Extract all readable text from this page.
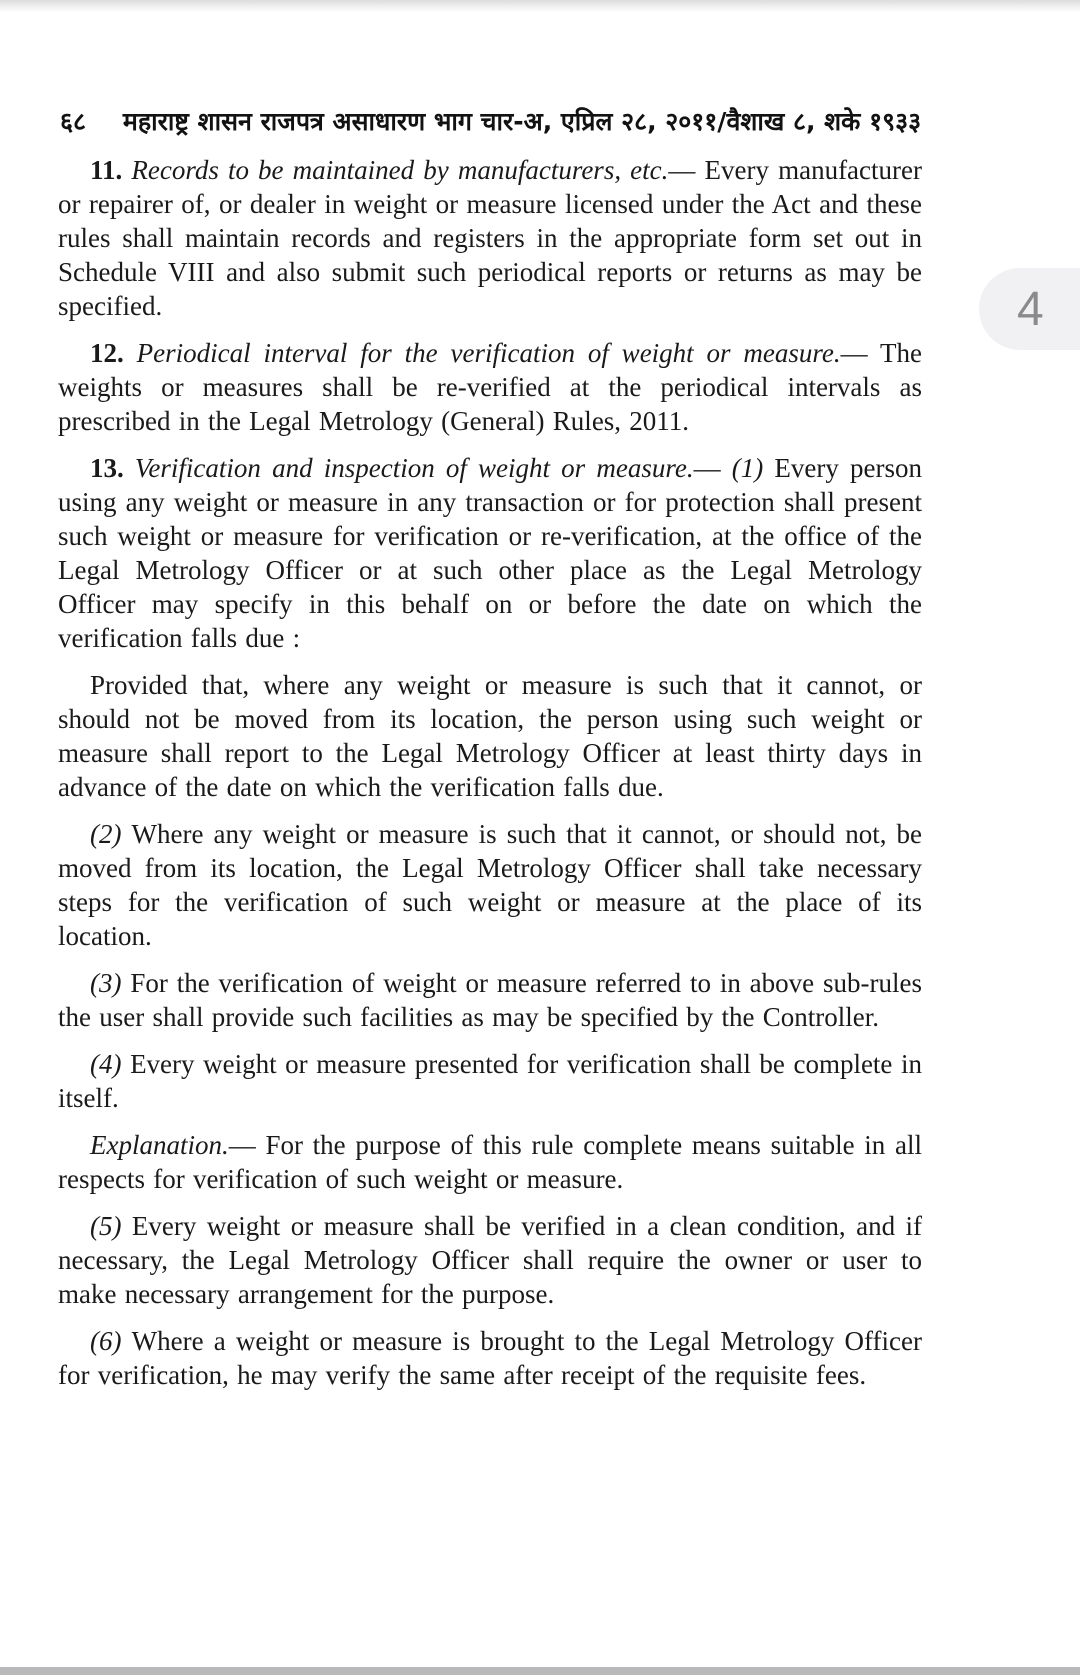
६८ महाराष्ट्र शासन राजपत्र असाधारण भाग चार-अ, एप्रिल २८, २०११/वैशाख ८, शके १९३३

11. Records to be maintained by manufacturers, etc.— Every manufacturer or repairer of, or dealer in weight or measure licensed under the Act and these rules shall maintain records and registers in the appropriate form set out in Schedule VIII and also submit such periodical reports or returns as may be specified.

12. Periodical interval for the verification of weight or measure.— The weights or measures shall be re-verified at the periodical intervals as prescribed in the Legal Metrology (General) Rules, 2011.

13. Verification and inspection of weight or measure.— (1) Every person using any weight or measure in any transaction or for protection shall present such weight or measure for verification or re-verification, at the office of the Legal Metrology Officer or at such other place as the Legal Metrology Officer may specify in this behalf on or before the date on which the verification falls due :

Provided that, where any weight or measure is such that it cannot, or should not be moved from its location, the person using such weight or measure shall report to the Legal Metrology Officer at least thirty days in advance of the date on which the verification falls due.

(2) Where any weight or measure is such that it cannot, or should not, be moved from its location, the Legal Metrology Officer shall take necessary steps for the verification of such weight or measure at the place of its location.

(3) For the verification of weight or measure referred to in above sub-rules the user shall provide such facilities as may be specified by the Controller.

(4) Every weight or measure presented for verification shall be complete in itself.

Explanation.— For the purpose of this rule complete means suitable in all respects for verification of such weight or measure.

(5) Every weight or measure shall be verified in a clean condition, and if necessary, the Legal Metrology Officer shall require the owner or user to make necessary arrangement for the purpose.

(6) Where a weight or measure is brought to the Legal Metrology Officer for verification, he may verify the same after receipt of the requisite fees.

4
